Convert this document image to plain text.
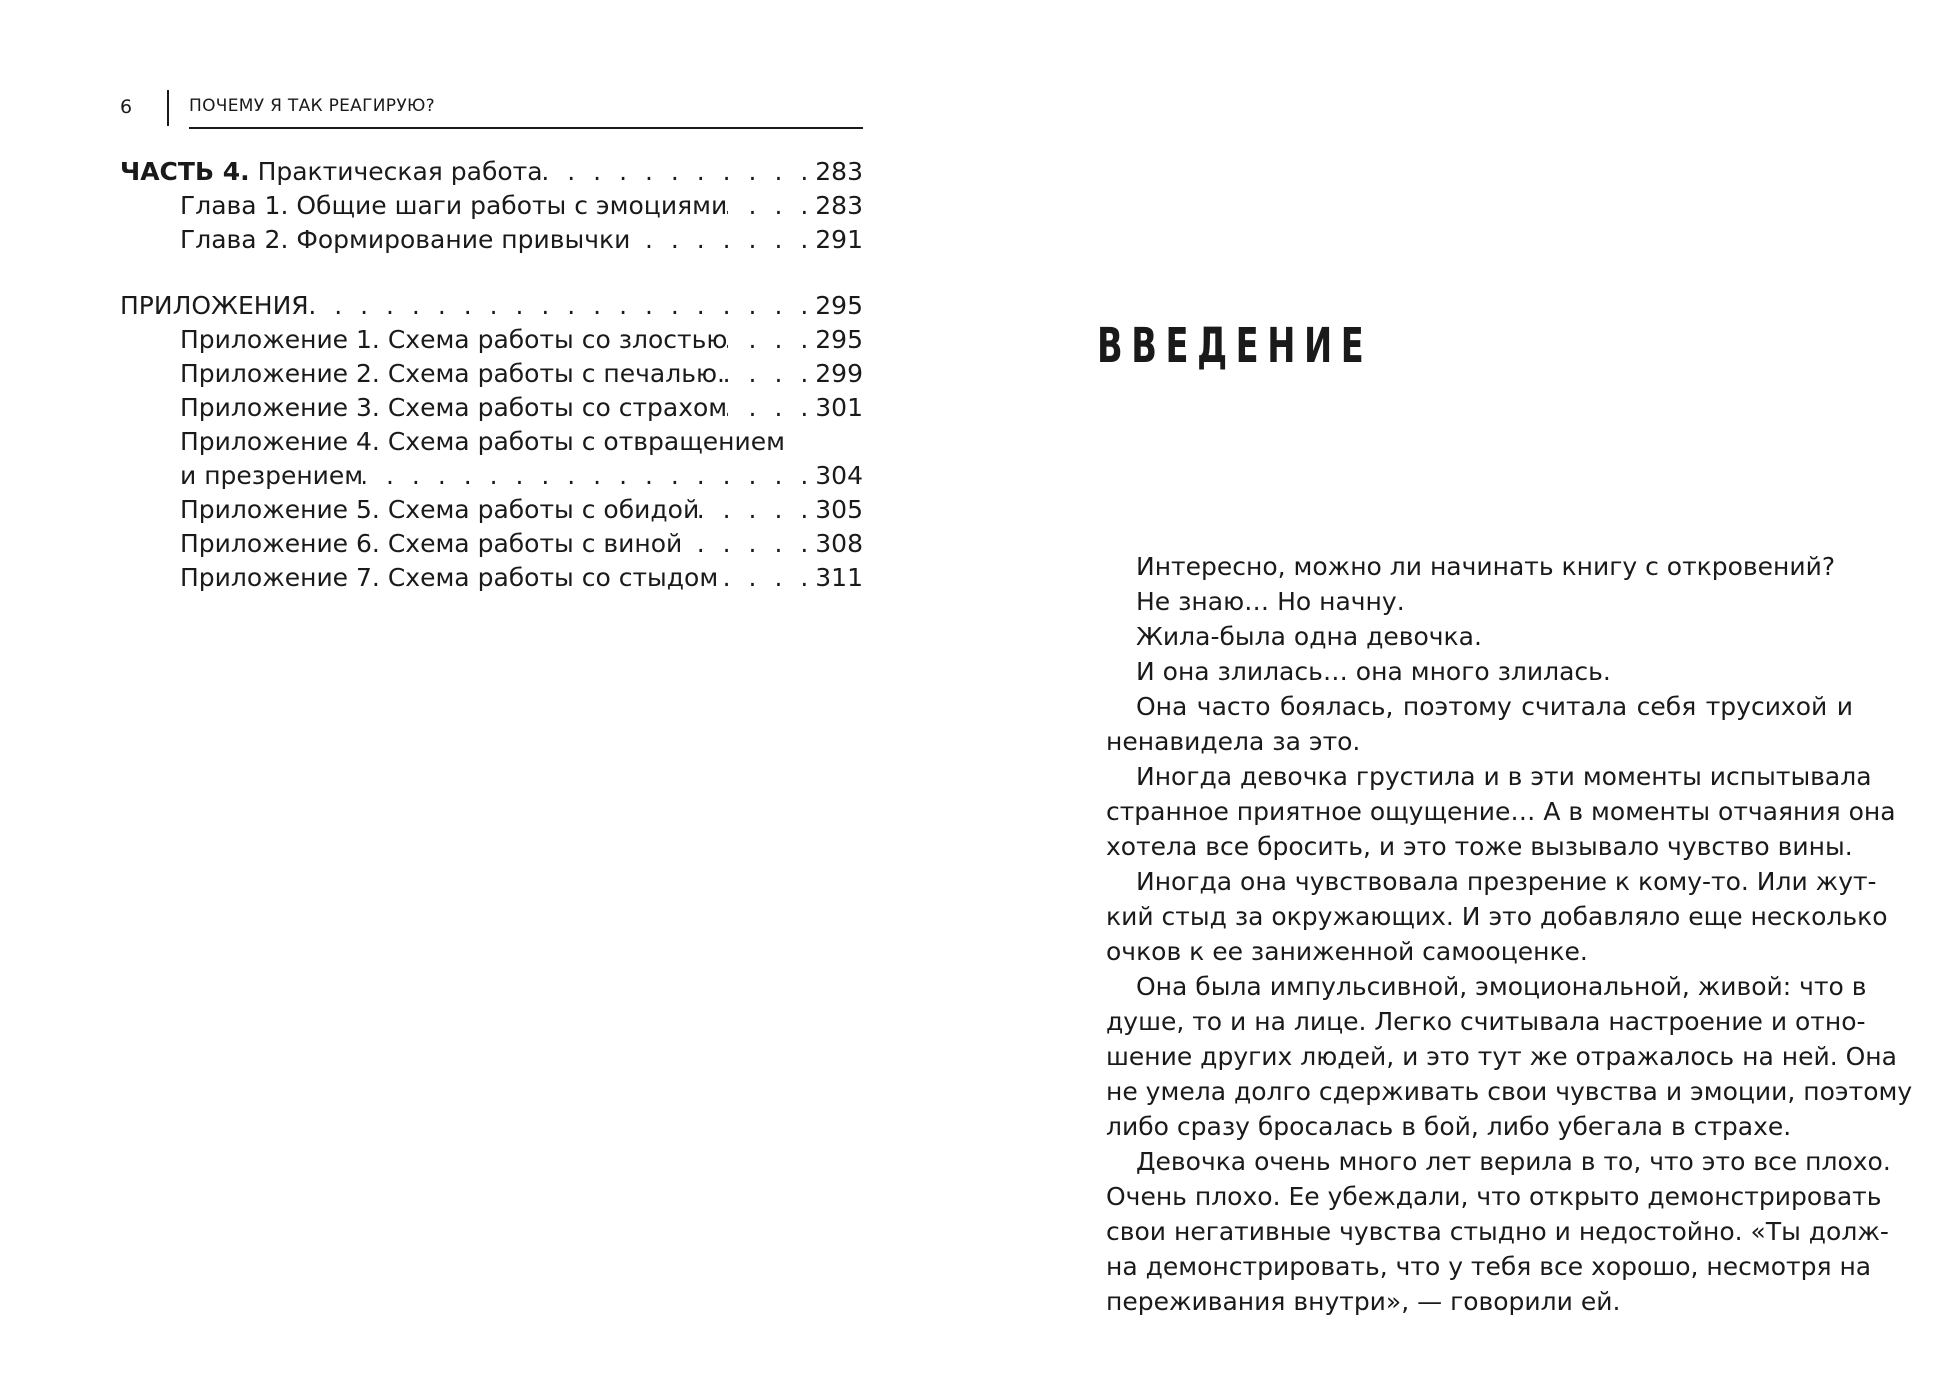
6	ПОЧЕМУ Я ТАК РЕАГИРУЮ?
ЧАСТЬ 4. Практическая работа . . .	283
Глава 1. Общие шаги работы с эмоциями . . .	283
Глава 2. Формирование привычки . . .	291
ПРИЛОЖЕНИЯ . . .	295
Приложение 1. Схема работы со злостью . . .	295
Приложение 2. Схема работы с печалью. . . .	299
Приложение 3. Схема работы со страхом . . .	301
Приложение 4. Схема работы с отвращением
и презрением . . .	304
Приложение 5. Схема работы с обидой . . .	305
Приложение 6. Схема работы с виной . . .	308
Приложение 7. Схема работы со стыдом . . .	311
ВВЕДЕНИЕ
Интересно, можно ли начинать книгу с откровений?
Не знаю… Но начну.
Жила-была одна девочка.
И она злилась… она много злилась.
Она часто боялась, поэтому считала себя трусихой и
ненавидела за это.
Иногда девочка грустила и в эти моменты испытывала
странное приятное ощущение… А в моменты отчаяния она
хотела все бросить, и это тоже вызывало чувство вины.
Иногда она чувствовала презрение к кому-то. Или жут-
кий стыд за окружающих. И это добавляло еще несколько
очков к ее заниженной самооценке.
Она была импульсивной, эмоциональной, живой: что в
душе, то и на лице. Легко считывала настроение и отно-
шение других людей, и это тут же отражалось на ней. Она
не умела долго сдерживать свои чувства и эмоции, поэтому
либо сразу бросалась в бой, либо убегала в страхе.
Девочка очень много лет верила в то, что это все плохо.
Очень плохо. Ее убеждали, что открыто демонстрировать
свои негативные чувства стыдно и недостойно. «Ты долж-
на демонстрировать, что у тебя все хорошо, несмотря на
переживания внутри», — говорили ей.
